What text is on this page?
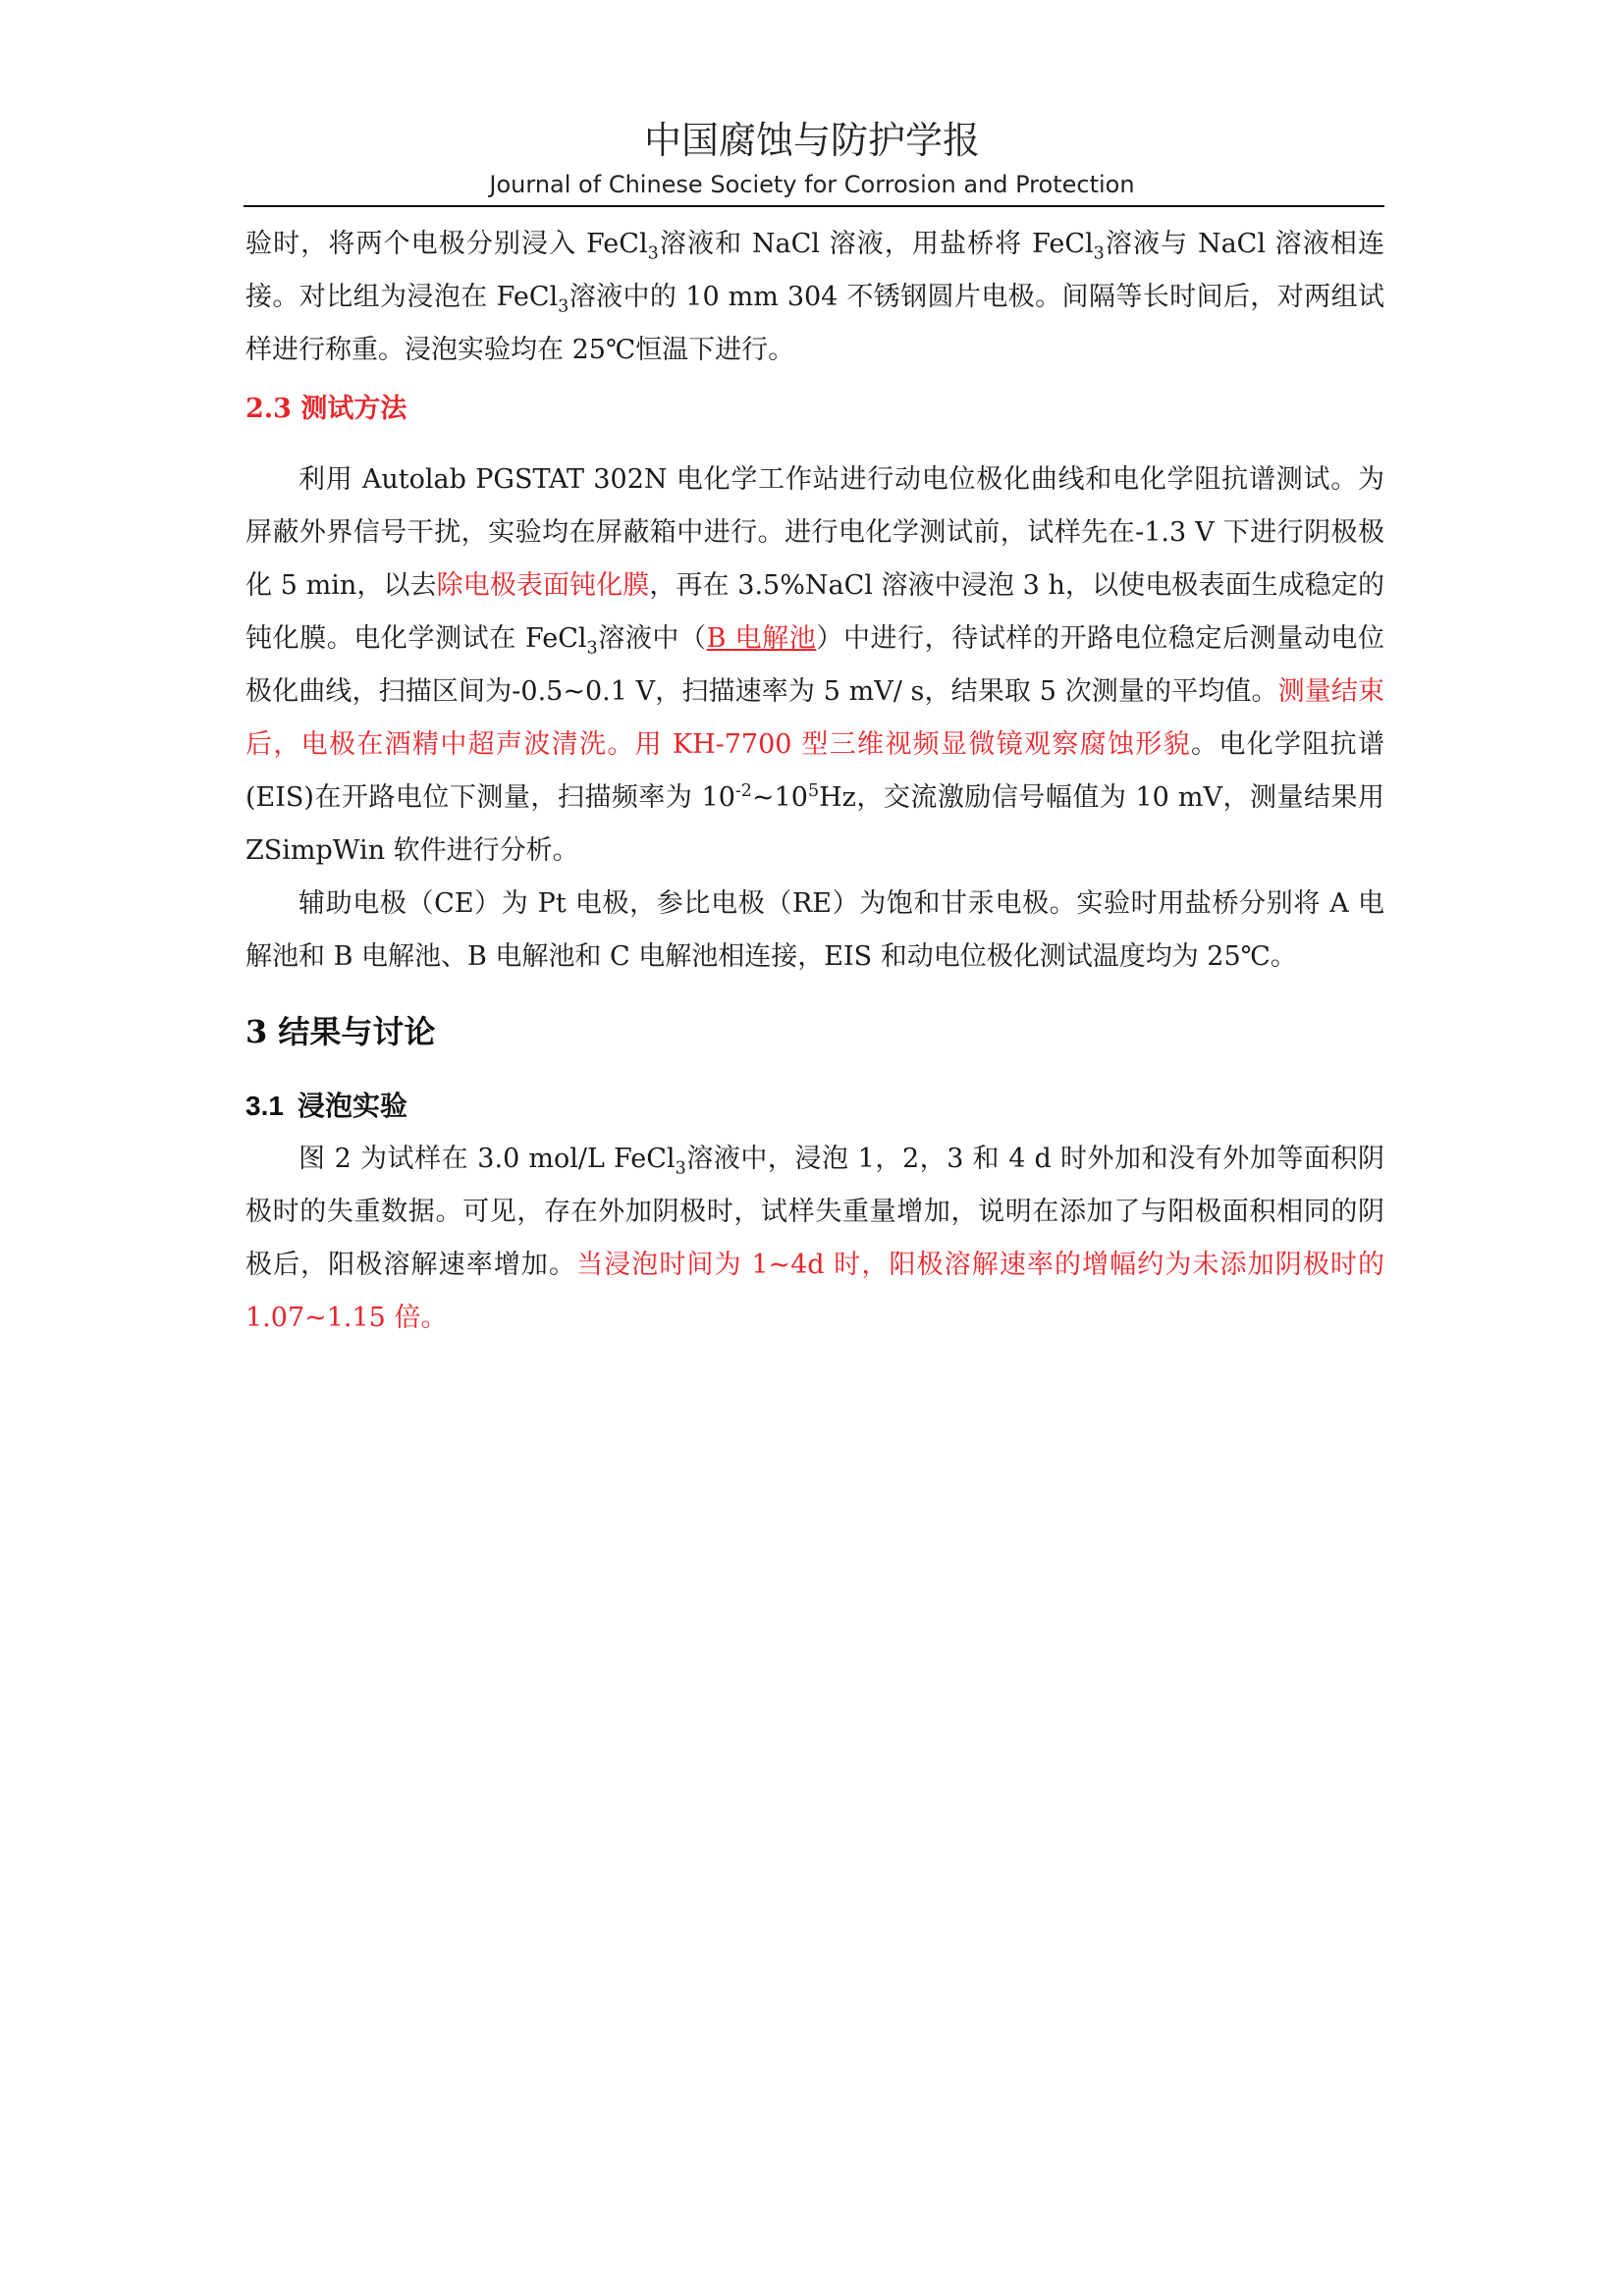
中国腐蚀与防护学报
Journal of Chinese Society for Corrosion and Protection

验时，将两个电极分别浸入 FeCl$_3$溶液和 NaCl 溶液，用盐桥将 FeCl$_3$溶液与 NaCl 溶液相连接。对比组为浸泡在 FeCl$_3$溶液中的 10 mm 304 不锈钢圆片电极。间隔等长时间后，对两组试样进行称重。浸泡实验均在 25℃恒温下进行。

2.3 测试方法

利用 Autolab PGSTAT 302N 电化学工作站进行动电位极化曲线和电化学阻抗谱测试。为屏蔽外界信号干扰，实验均在屏蔽箱中进行。进行电化学测试前，试样先在-1.3 V 下进行阴极极化 5 min，以去除电极表面钝化膜，再在 3.5%NaCl 溶液中浸泡 3 h，以使电极表面生成稳定的钝化膜。电化学测试在 FeCl$_3$溶液中（B 电解池）中进行，待试样的开路电位稳定后测量动电位极化曲线，扫描区间为-0.5~0.1 V，扫描速率为 5 mV/ s，结果取 5 次测量的平均值。测量结束后，电极在酒精中超声波清洗。用 KH-7700 型三维视频显微镜观察腐蚀形貌。电化学阻抗谱(EIS)在开路电位下测量，扫描频率为 $10^{-2}\sim 10^5Hz$，交流激励信号幅值为 10 mV，测量结果用 ZSimpWin 软件进行分析。

辅助电极（CE）为 Pt 电极，参比电极（RE）为饱和甘汞电极。实验时用盐桥分别将 A 电解池和 B 电解池、B 电解池和 C 电解池相连接，EIS 和动电位极化测试温度均为 25℃。

3 结果与讨论
3.1 浸泡实验

图 2 为试样在 3.0 mol/L FeCl$_3$溶液中，浸泡 1，2，3 和 4 d 时外加和没有外加等面积阴极时的失重数据。可见，存在外加阴极时，试样失重量增加，说明在添加了与阳极面积相同的阴极后，阳极溶解速率增加。当浸泡时间为 1~4d 时，阳极溶解速率的增幅约为未添加阴极时的 1.07~1.15 倍。
